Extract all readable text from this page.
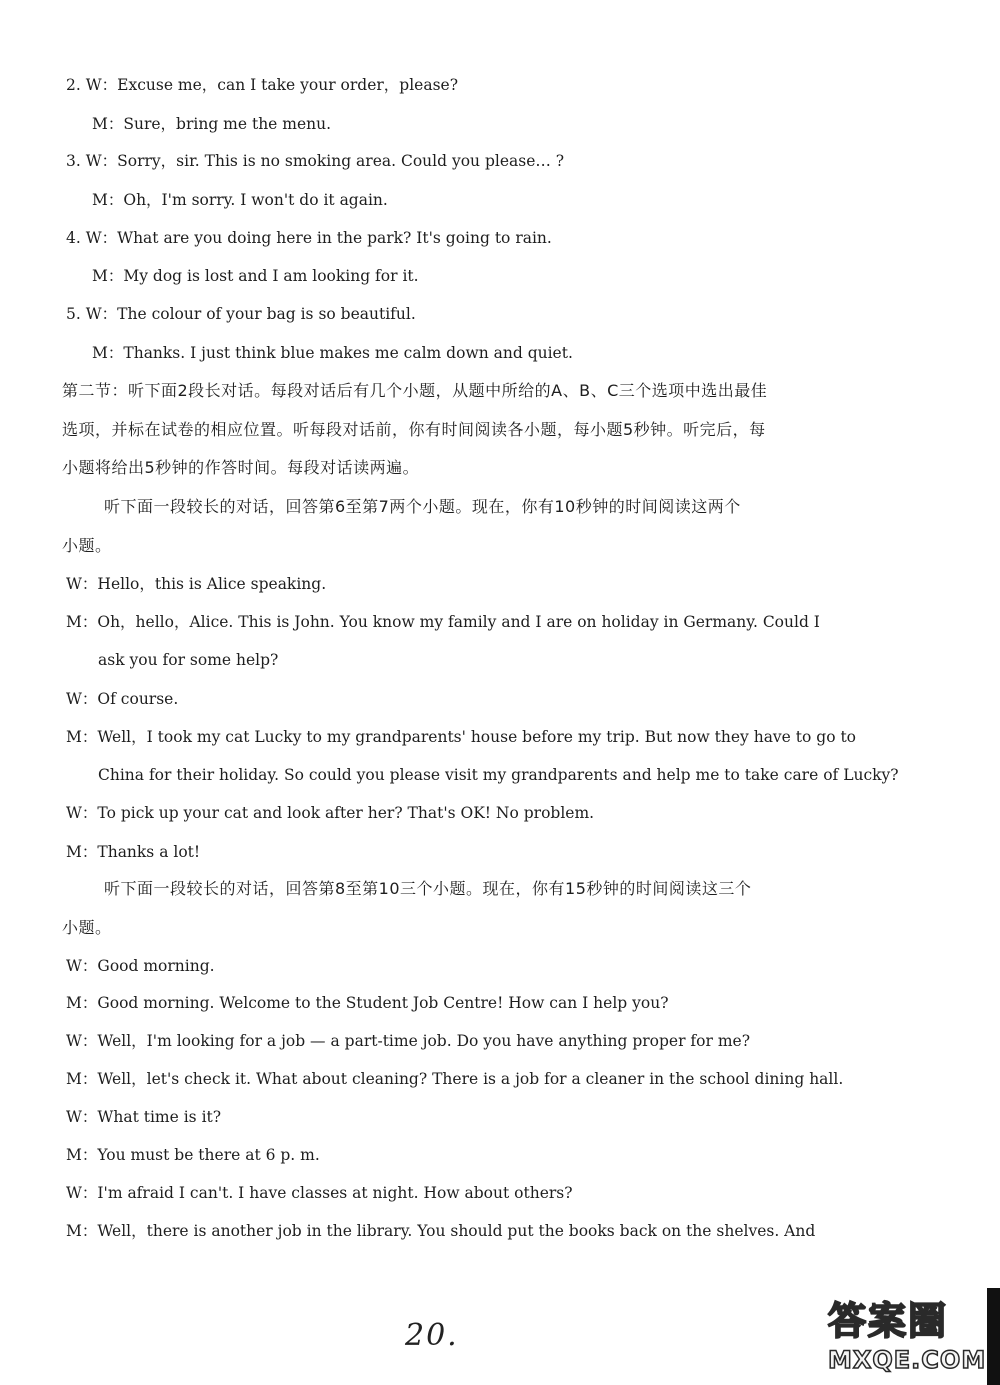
2. W：Excuse me，can I take your order，please?
M：Sure，bring me the menu.
3. W：Sorry，sir. This is no smoking area. Could you please… ?
M：Oh，I'm sorry. I won't do it again.
4. W：What are you doing here in the park? It's going to rain.
M：My dog is lost and I am looking for it.
5. W：The colour of your bag is so beautiful.
M：Thanks. I just think blue makes me calm down and quiet.
第二节：听下面2段长对话。每段对话后有几个小题，从题中所给的A、B、C三个选项中选出最佳
选项，并标在试卷的相应位置。听每段对话前，你有时间阅读各小题，每小题5秒钟。听完后，每
小题将给出5秒钟的作答时间。每段对话读两遍。
听下面一段较长的对话，回答第6至第7两个小题。现在，你有10秒钟的时间阅读这两个
小题。
W：Hello，this is Alice speaking.
M：Oh，hello，Alice. This is John. You know my family and I are on holiday in Germany. Could I
ask you for some help?
W：Of course.
M：Well，I took my cat Lucky to my grandparents' house before my trip. But now they have to go to
China for their holiday. So could you please visit my grandparents and help me to take care of Lucky?
W：To pick up your cat and look after her? That's OK! No problem.
M：Thanks a lot!
听下面一段较长的对话，回答第8至第10三个小题。现在，你有15秒钟的时间阅读这三个
小题。
W：Good morning.
M：Good morning. Welcome to the Student Job Centre! How can I help you?
W：Well，I'm looking for a job — a part-time job. Do you have anything proper for me?
M：Well，let's check it. What about cleaning? There is a job for a cleaner in the school dining hall.
W：What time is it?
M：You must be there at 6 p. m.
W：I'm afraid I can't. I have classes at night. How about others?
M：Well，there is another job in the library. You should put the books back on the shelves. And
20.	答案圈
MXQE.COM
